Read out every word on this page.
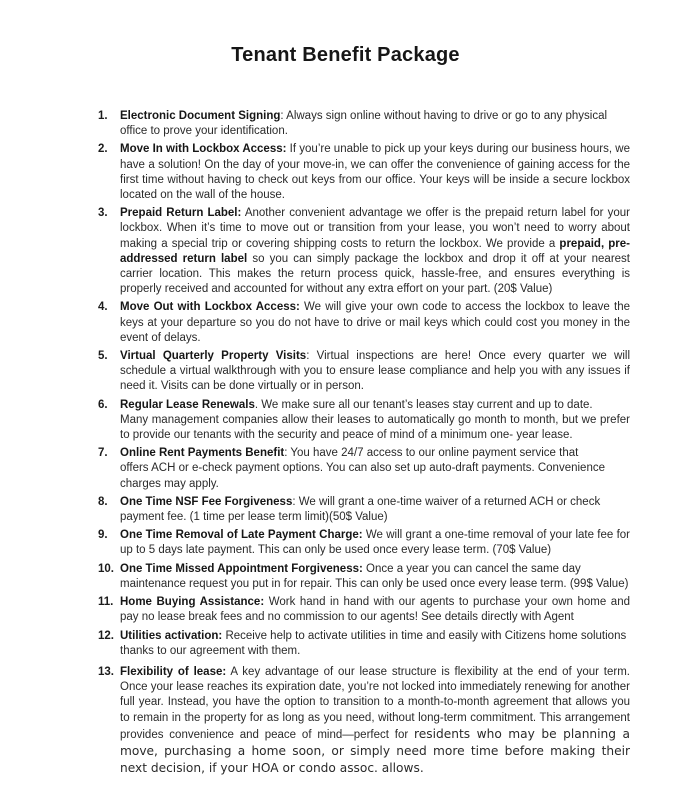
Tenant Benefit Package
1.	Electronic Document Signing: Always sign online without having to drive or go to any physical office to prove your identification.
2.	Move In with Lockbox Access: If you’re unable to pick up your keys during our business hours, we have a solution! On the day of your move-in, we can offer the convenience of gaining access for the first time without having to check out keys from our office. Your keys will be inside a secure lockbox located on the wall of the house.
3.	Prepaid Return Label: Another convenient advantage we offer is the prepaid return label for your lockbox. When it’s time to move out or transition from your lease, you won’t need to worry about making a special trip or covering shipping costs to return the lockbox. We provide a prepaid, pre-addressed return label so you can simply package the lockbox and drop it off at your nearest carrier location. This makes the return process quick, hassle-free, and ensures everything is properly received and accounted for without any extra effort on your part. (20$ Value)
4.	Move Out with Lockbox Access: We will give your own code to access the lockbox to leave the keys at your departure so you do not have to drive or mail keys which could cost you money in the event of delays.
5.	Virtual Quarterly Property Visits: Virtual inspections are here! Once every quarter we will schedule a virtual walkthrough with you to ensure lease compliance and help you with any issues if need it. Visits can be done virtually or in person.
6.	Regular Lease Renewals. We make sure all our tenant’s leases stay current and up to date.
Many management companies allow their leases to automatically go month to month, but we prefer to provide our tenants with the security and peace of mind of a minimum one- year lease.
7.	Online Rent Payments Benefit: You have 24/7 access to our online payment service that
offers ACH or e-check payment options. You can also set up auto-draft payments. Convenience
charges may apply.
8.	One Time NSF Fee Forgiveness: We will grant a one-time waiver of a returned ACH or check payment fee. (1 time per lease term limit)(50$ Value)
9.	One Time Removal of Late Payment Charge: We will grant a one-time removal of your late fee for up to 5 days late payment. This can only be used once every lease term. (70$ Value)
10. One Time Missed Appointment Forgiveness: Once a year you can cancel the same day maintenance request you put in for repair. This can only be used once every lease term. (99$ Value)
11. Home Buying Assistance: Work hand in hand with our agents to purchase your own home and pay no lease break fees and no commission to our agents! See details directly with Agent
12. Utilities activation: Receive help to activate utilities in time and easily with Citizens home solutions thanks to our agreement with them.
13. Flexibility of lease: A key advantage of our lease structure is flexibility at the end of your term. Once your lease reaches its expiration date, you’re not locked into immediately renewing for another full year. Instead, you have the option to transition to a month-to-month agreement that allows you to remain in the property for as long as you need, without long-term commitment. This arrangement provides convenience and peace of mind—perfect for residents who may be planning a move, purchasing a home soon, or simply need more time before making their next decision, if your HOA or condo assoc. allows.
